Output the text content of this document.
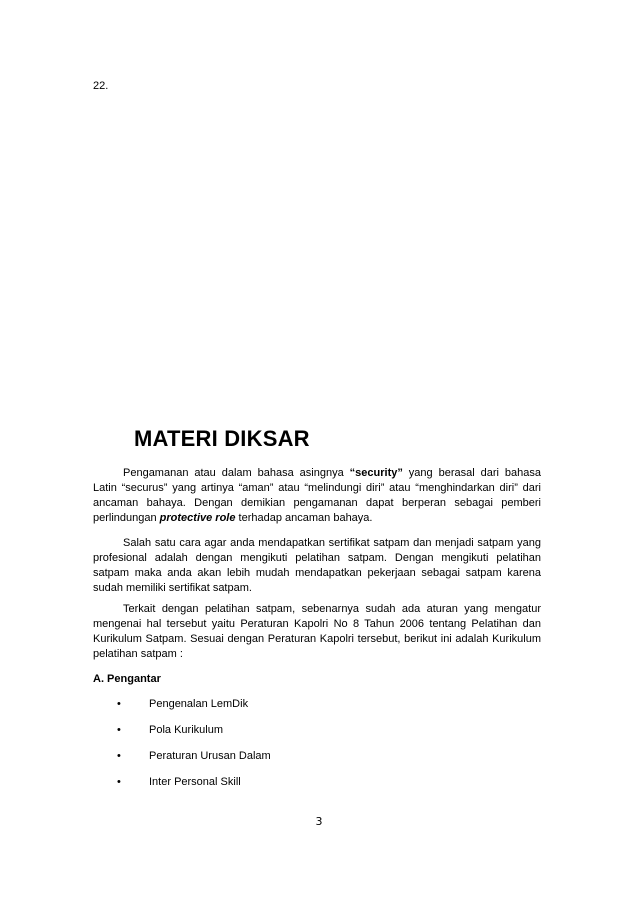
22.
MATERI DIKSAR

Pengamanan atau dalam bahasa asingnya “security” yang berasal dari bahasa Latin “securus” yang artinya “aman” atau “melindungi diri” atau “menghindarkan diri” dari ancaman bahaya. Dengan demikian pengamanan dapat berperan sebagai pemberi perlindungan protective role terhadap ancaman bahaya.

Salah satu cara agar anda mendapatkan sertifikat satpam dan menjadi satpam yang profesional adalah dengan mengikuti pelatihan satpam. Dengan mengikuti pelatihan satpam maka anda akan lebih mudah mendapatkan pekerjaan sebagai satpam karena sudah memiliki sertifikat satpam.

Terkait dengan pelatihan satpam, sebenarnya sudah ada aturan yang mengatur mengenai hal tersebut yaitu Peraturan Kapolri No 8 Tahun 2006 tentang Pelatihan dan Kurikulum Satpam. Sesuai dengan Peraturan Kapolri tersebut, berikut ini adalah Kurikulum pelatihan satpam :

A. Pengantar
•	Pengenalan LemDik
•	Pola Kurikulum
•	Peraturan Urusan Dalam
•	Inter Personal Skill
3
